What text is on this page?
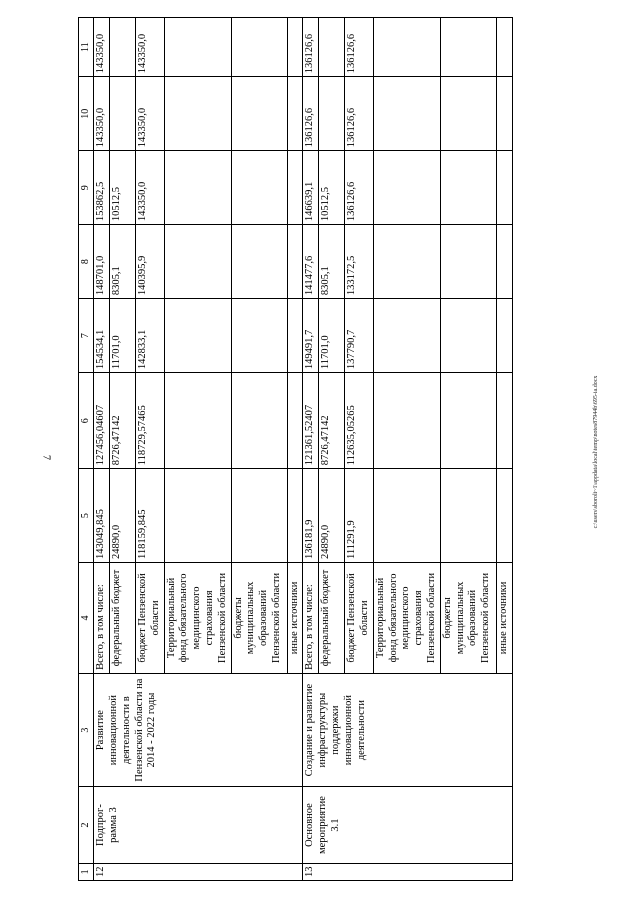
7	c:\users\sboroli~1\appdata\local\temp\notes87944b\695-ia.docx
1	2	3	4	5	6	7	8	9	10	11
12	Подпрог- рамма 3	Развитие инновационной деятельности в Пензенской области на 2014 - 2022 годы	Всего, в том числе:	143049,845	127456,04607	154534,1	148701,0	153862,5	143350,0	143350,0
			федеральный бюджет	24890,0	8726,47142	11701,0	8305,1	10512,5		
			бюджет Пензенской области	118159,845	118729,57465	142833,1	140395,9	143350,0	143350,0	143350,0
			Территориальный фонд обязательного медицинского страхования Пензенской области							
			бюджеты муниципальных образований Пензенской области							
			иные источники							
13	Основное мероприятие 3.1	Создание и развитие инфраструктуры поддержки инновационной деятельности	Всего, в том числе:	136181,9	121361,52407	149491,7	141477,6	146639,1	136126,6	136126,6
			федеральный бюджет	24890,0	8726,47142	11701,0	8305,1	10512,5		
			бюджет Пензенской области	111291,9	112635,05265	137790,7	133172,5	136126,6	136126,6	136126,6
			Территориальный фонд обязательного медицинского страхования Пензенской области							
			бюджеты муниципальных образований Пензенской области							
			иные источники							
